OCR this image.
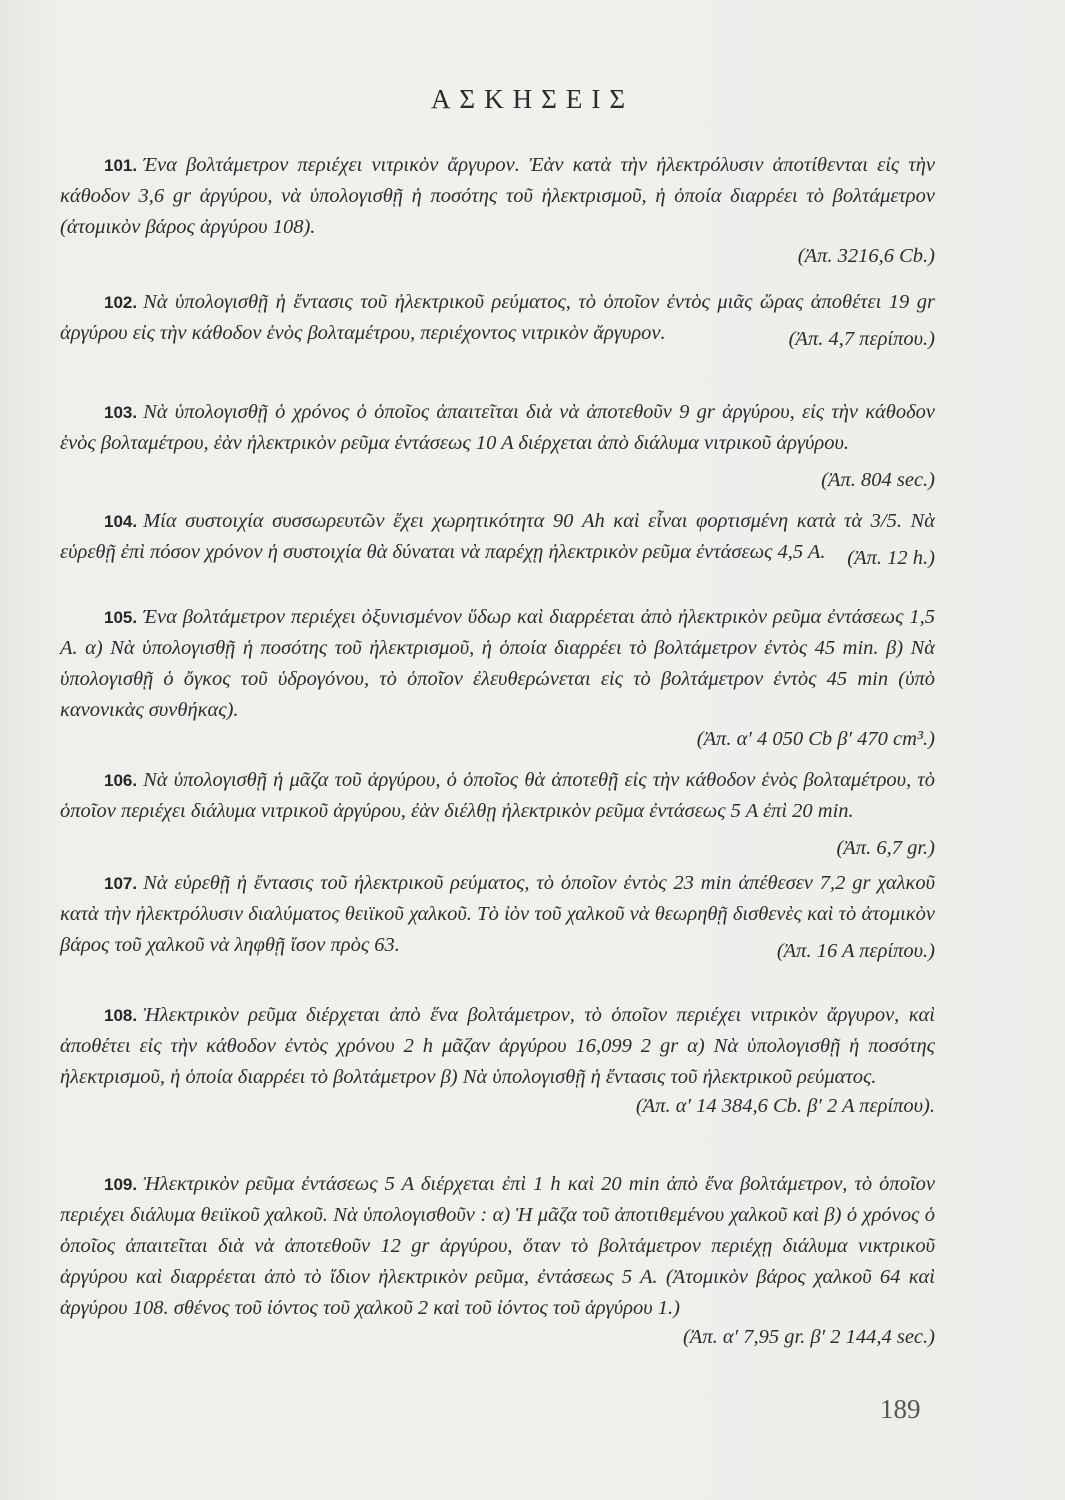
ΑΣΚΗΣΕΙΣ
101. Ένα βολτάμετρον περιέχει νιτρικὸν ἄργυρον. Ἐὰν κατὰ τὴν ἠλεκτρόλυσιν ἀποτίθενται εἰς τὴν κάθοδον 3,6 gr ἀργύρου, νὰ ὑπολογισθῇ ἡ ποσότης τοῦ ἠλεκτρισμοῦ, ἡ ὁποία διαρρέει τὸ βολτάμετρον (ἀτομικὸν βάρος ἀργύρου 108).
(Ἀπ. 3216,6 Cb.)
102. Νὰ ὑπολογισθῇ ἡ ἔντασις τοῦ ἠλεκτρικοῦ ρεύματος, τὸ ὁποῖον ἐντὸς μιᾶς ὥρας ἀποθέτει 19 gr ἀργύρου εἰς τὴν κάθοδον ἑνὸς βολταμέτρου, περιέχοντος νιτρικὸν ἄργυρον.	(Ἀπ. 4,7 περίπου.)
103. Νὰ ὑπολογισθῇ ὁ χρόνος ὁ ὁποῖος ἀπαιτεῖται διὰ νὰ ἀποτεθοῦν 9 gr ἀργύρου, εἰς τὴν κάθοδον ἑνὸς βολταμέτρου, ἐὰν ἠλεκτρικὸν ρεῦμα ἐντάσεως 10 Α διέρχεται ἀπὸ διάλυμα νιτρικοῦ ἀργύρου.
(Ἀπ. 804 sec.)
104. Μία συστοιχία συσσωρευτῶν ἔχει χωρητικότητα 90 Ah καὶ εἶναι φορτισμένη κατὰ τὰ 3/5. Νὰ εὑρεθῇ ἐπὶ πόσον χρόνον ἡ συστοιχία θὰ δύναται νὰ παρέχῃ ἠλεκτρικὸν ρεῦμα ἐντάσεως 4,5 Α. (Ἀπ. 12 h.)
105. Ένα βολτάμετρον περιέχει ὀξυνισμένον ὕδωρ καὶ διαρρέεται ἀπὸ ἠλεκτρικὸν ρεῦμα ἐντάσεως 1,5 Α. α) Νὰ ὑπολογισθῇ ἡ ποσότης τοῦ ἠλεκτρισμοῦ, ἡ ὁποία διαρρέει τὸ βολτάμετρον ἐντὸς 45 min. β) Νὰ ὑπολογισθῇ ὁ ὄγκος τοῦ ὑδρογόνου, τὸ ὁποῖον ἐλευθερώνεται εἰς τὸ βολτάμετρον ἐντὸς 45 min (ὑπὸ κανονικὰς συνθήκας).
(Ἀπ. α′ 4 050 Cb β′ 470 cm³.)
106. Νὰ ὑπολογισθῇ ἡ μᾶζα τοῦ ἀργύρου, ὁ ὁποῖος θὰ ἀποτεθῇ εἰς τὴν κάθοδον ἑνὸς βολταμέτρου, τὸ ὁποῖον περιέχει διάλυμα νιτρικοῦ ἀργύρου, ἐὰν διέλθῃ ἠλεκτρικὸν ρεῦμα ἐντάσεως 5 Α ἐπὶ 20 min.
(Ἀπ. 6,7 gr.)
107. Νὰ εὑρεθῇ ἡ ἔντασις τοῦ ἠλεκτρικοῦ ρεύματος, τὸ ὁποῖον ἐντὸς 23 min ἀπέθεσεν 7,2 gr χαλκοῦ κατὰ τὴν ἠλεκτρόλυσιν διαλύματος θειϊκοῦ χαλκοῦ. Τὸ ἰὸν τοῦ χαλκοῦ νὰ θεωρηθῇ δισθενὲς καὶ τὸ ἀτομικὸν βάρος τοῦ χαλκοῦ νὰ ληφθῇ ἴσον πρὸς 63.	(Ἀπ. 16 Α περίπου.)
108. Ἠλεκτρικὸν ρεῦμα διέρχεται ἀπὸ ἕνα βολτάμετρον, τὸ ὁποῖον περιέχει νιτρικὸν ἄργυρον, καὶ ἀποθέτει εἰς τὴν κάθοδον ἐντὸς χρόνου 2 h μᾶζαν ἀργύρου 16,099 2 gr α) Νὰ ὑπολογισθῇ ἡ ποσότης ἠλεκτρισμοῦ, ἡ ὁποία διαρρέει τὸ βολτάμετρον β) Νὰ ὑπολογισθῇ ἡ ἔντασις τοῦ ἠλεκτρικοῦ ρεύματος.
(Ἀπ. α′ 14 384,6 Cb. β′ 2 Α περίπου).
109. Ἠλεκτρικὸν ρεῦμα ἐντάσεως 5 Α διέρχεται ἐπὶ 1 h καὶ 20 min ἀπὸ ἕνα βολτάμετρον, τὸ ὁποῖον περιέχει διάλυμα θειϊκοῦ χαλκοῦ. Νὰ ὑπολογισθοῦν : α) Ἡ μᾶζα τοῦ ἀποτιθεμένου χαλκοῦ καὶ β) ὁ χρόνος ὁ ὁποῖος ἀπαιτεῖται διὰ νὰ ἀποτεθοῦν 12 gr ἀργύρου, ὅταν τὸ βολτάμετρον περιέχῃ διάλυμα νικτρικοῦ ἀργύρου καὶ διαρρέεται ἀπὸ τὸ ἴδιον ἠλεκτρικὸν ρεῦμα, ἐντάσεως 5 Α. (Ἀτομικὸν βάρος χαλκοῦ 64 καὶ ἀργύρου 108. σθένος τοῦ ἰόντος τοῦ χαλκοῦ 2 καὶ τοῦ ἰόντος τοῦ ἀργύρου 1.)
(Ἀπ. α′ 7,95 gr. β′ 2 144,4 sec.)

189
